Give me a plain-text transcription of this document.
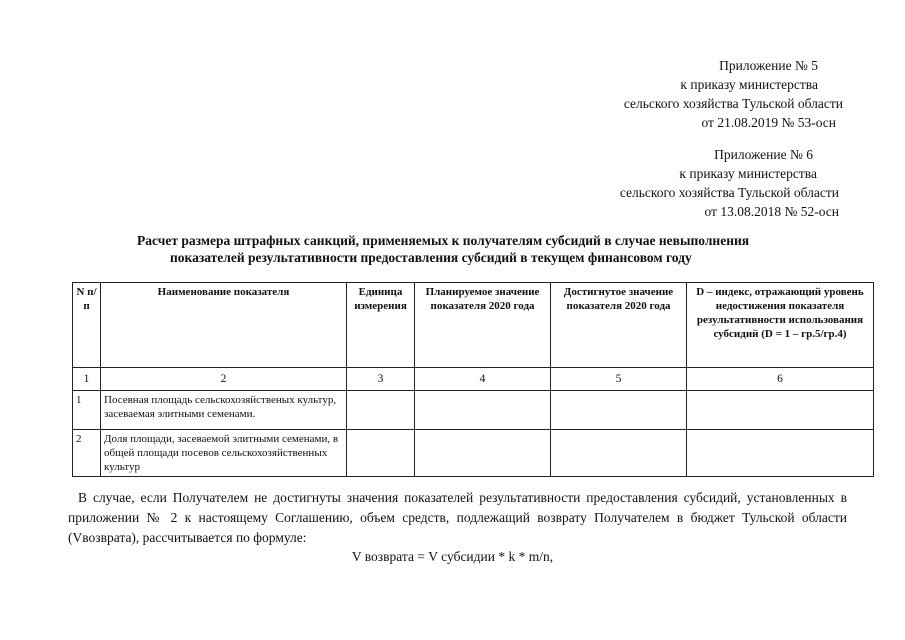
Приложение № 5
к приказу министерства
сельского хозяйства Тульской области
от 21.08.2019 № 53-осн
Приложение № 6
к приказу министерства
сельского хозяйства Тульской области
от 13.08.2018 № 52-осн
Расчет размера штрафных санкций, применяемых к получателям субсидий в случае невыполнения
показателей результативности предоставления субсидий в текущем финансовом году
N п/п	Наименование показателя	Единица измерения	Планируемое значение показателя 2020 года	Достигнутое значение показателя 2020 года	D – индекс, отражающий уровень недостижения показателя результативности использования субсидий (D = 1 – гр.5/гр.4)
1	2	3	4	5	6
1	Посевная площадь сельскохозяйственых культур, засеваемая элитными семенами.				
2	Доля площади, засеваемой элитными семенами, в общей площади посевов сельскохозяйственных культур				
В случае, если Получателем не достигнуты значения показателей результативности предоставления субсидий, установленных в приложении № 2 к настоящему Соглашению, объем средств, подлежащий возврату Получателем в бюджет Тульской области (Vвозврата), рассчитывается по формуле:
V возврата = V субсидии * k * m/n,
